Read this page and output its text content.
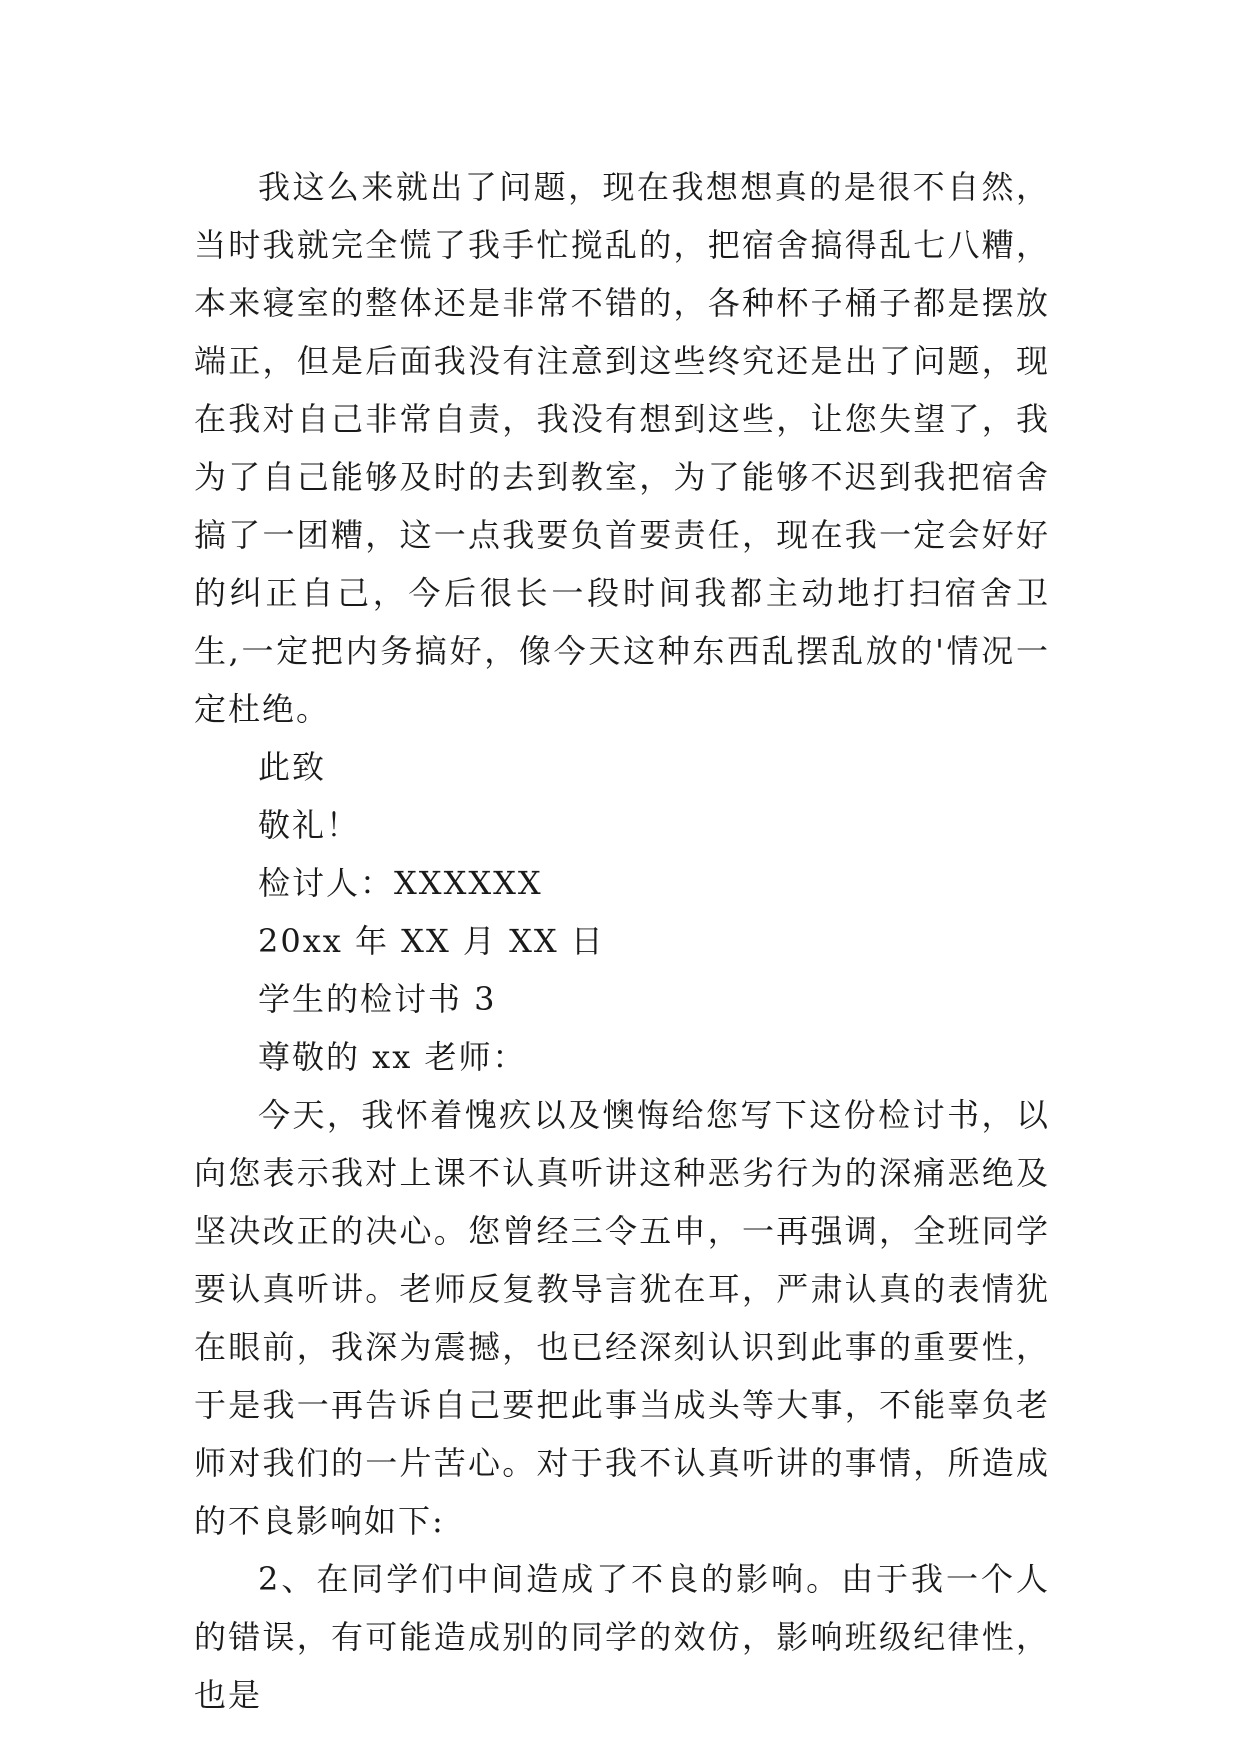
我这么来就出了问题，现在我想想真的是很不自然，当时我就完全慌了我手忙搅乱的，把宿舍搞得乱七八糟，本来寝室的整体还是非常不错的，各种杯子桶子都是摆放端正，但是后面我没有注意到这些终究还是出了问题，现在我对自己非常自责，我没有想到这些，让您失望了，我为了自己能够及时的去到教室，为了能够不迟到我把宿舍搞了一团糟，这一点我要负首要责任，现在我一定会好好的纠正自己，今后很长一段时间我都主动地打扫宿舍卫生,一定把内务搞好，像今天这种东西乱摆乱放的'情况一定杜绝。

此致

敬礼！

检讨人：XXXXXX

20xx 年 XX 月 XX 日

学生的检讨书 3

尊敬的 xx 老师：

今天，我怀着愧疚以及懊悔给您写下这份检讨书，以向您表示我对上课不认真听讲这种恶劣行为的深痛恶绝及坚决改正的决心。您曾经三令五申，一再强调，全班同学要认真听讲。老师反复教导言犹在耳，严肃认真的表情犹在眼前，我深为震撼，也已经深刻认识到此事的重要性，于是我一再告诉自己要把此事当成头等大事，不能辜负老师对我们的一片苦心。对于我不认真听讲的事情，所造成的不良影响如下:

2、在同学们中间造成了不良的影响。由于我一个人的错误，有可能造成别的同学的效仿，影响班级纪律性，也是
